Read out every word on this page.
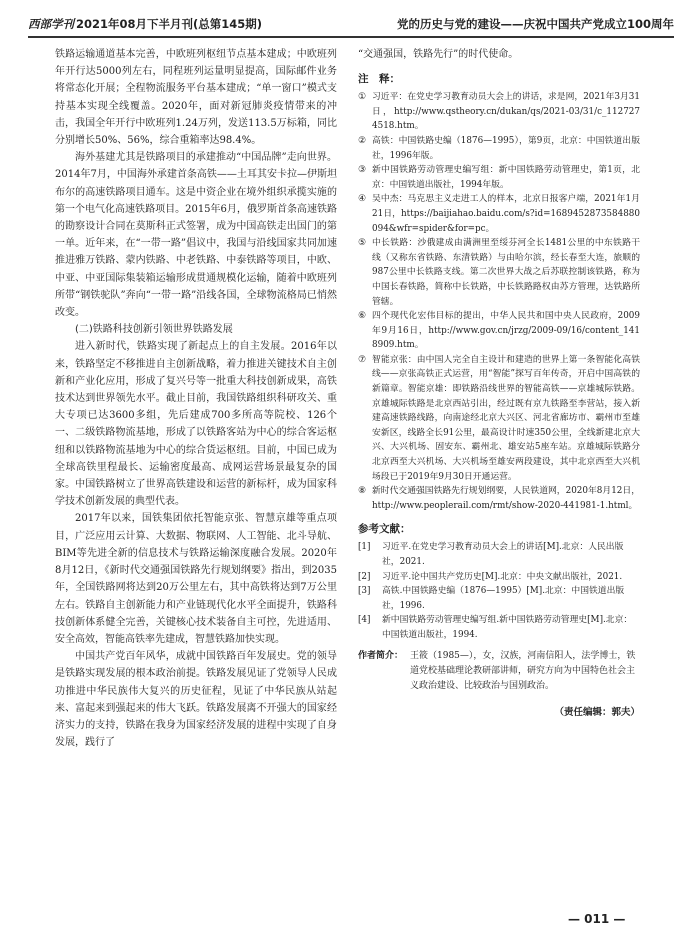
西部学刊 2021年08月下半月刊(总第145期)	党的历史与党的建设——庆祝中国共产党成立100周年

铁路运输通道基本完善，中欧班列枢纽节点基本建成；中欧班列年开行达5000列左右，同程班列运量明显提高，国际邮件业务将常态化开展；全程物流服务平台基本建成；“单一窗口”模式支持基本实现全线覆盖。2020年，面对新冠肺炎疫情带来的冲击，我国全年开行中欧班列1.24万列，发送113.5万标箱，同比分别增长50%、56%，综合重箱率达98.4%。

海外基建尤其是铁路项目的承建推动“中国品牌”走向世界。2014年7月，中国海外承建首条高铁——土耳其安卡拉—伊斯坦布尔的高速铁路项目通车。这是中资企业在境外组织承揽实施的第一个电气化高速铁路项目。2015年6月，俄罗斯首条高速铁路的勘察设计合同在莫斯科正式签署，成为中国高铁走出国门的第一单。近年来，在“一带一路”倡议中，我国与沿线国家共同加速推进雅万铁路、蒙内铁路、中老铁路、中泰铁路等项目，中欧、中亚、中亚国际集装箱运输形成贯通规模化运输，随着中欧班列所带“钢铁驼队”奔向“一带一路”沿线各国，全球物流格局已悄然改变。

(二)铁路科技创新引领世界铁路发展

进入新时代，铁路实现了新起点上的自主发展。2016年以来，铁路坚定不移推进自主创新战略，着力推进关键技术自主创新和产业化应用，形成了复兴号等一批重大科技创新成果，高铁技术达到世界领先水平。截止目前，我国铁路组织科研攻关、重大专项已达3600多组，先后建成700多所高等院校、126个一、二级铁路物流基地，形成了以铁路客站为中心的综合客运枢纽和以铁路物流基地为中心的综合货运枢纽。目前，中国已成为全球高铁里程最长、运输密度最高、成网运营场景最复杂的国家。中国铁路树立了世界高铁建设和运营的新标杆，成为国家科学技术创新发展的典型代表。

2017年以来，国铁集团依托智能京张、智慧京雄等重点项目，广泛应用云计算、大数据、物联网、人工智能、北斗导航、BIM等先进全新的信息技术与铁路运输深度融合发展。2020年8月12日，《新时代交通强国铁路先行规划纲要》指出，到2035年，全国铁路网将达到20万公里左右，其中高铁将达到7万公里左右。铁路自主创新能力和产业链现代化水平全面提升，铁路科技创新体系健全完善，关键核心技术装备自主可控，先进适用、安全高效，智能高铁率先建成，智慧铁路加快实现。

中国共产党百年风华，成就中国铁路百年发展史。党的领导是铁路实现发展的根本政治前提。铁路发展见证了党领导人民成功推进中华民族伟大复兴的历史征程，见证了中华民族从站起来、富起来到强起来的伟大飞跃。铁路发展离不开强大的国家经济实力的支持，铁路在我身为国家经济发展的进程中实现了自身发展，践行了

“交通强国，铁路先行”的时代使命。

注　释：
① 习近平：在党史学习教育动员大会上的讲话，求是网，2021年3月31日，http://www.qstheory.cn/dukan/qs/2021-03/31/c_1127274518.htm。
② 高铁：中国铁路史编（1876—1995），第9页，北京：中国铁道出版社，1996年版。
③ 新中国铁路劳动管理史编写组：新中国铁路劳动管理史，第1页，北京：中国铁道出版社，1994年版。
④ 吴中杰：马克思主义走进工人的样本，北京日报客户端，2021年1月21日，https://baijiahao.baidu.com/s?id=1689452873584880094&wfr=spider&for=pc。
⑤ 中长铁路：沙俄建成由满洲里至绥芬河全长1481公里的中东铁路干线（又称东省铁路、东清铁路）与由哈尔滨，经长春至大连，旅顺的987公里中长铁路支线。第二次世界大战之后苏联控制该铁路，称为中国长春铁路，简称中长铁路，中长铁路路权由苏方管理，达铁路所管辖。
⑥ 四个现代化宏伟目标的提出，中华人民共和国中央人民政府，2009年9月16日，http://www.gov.cn/jrzg/2009-09/16/content_1418909.htm。
⑦ 智能京张：由中国人完全自主设计和建造的世界上第一条智能化高铁线——京张高铁正式运营，用“智能”探写百年传奇，开启中国高铁的新篇章。智能京雄：即铁路沿线世界的智能高铁——京雄城际铁路。京雄城际铁路是北京西站引出，经过既有京九铁路至李营站，接入新建高速铁路线路，向南途经北京大兴区、河北省廊坊市、霸州市至雄安新区，线路全长91公里，最高设计时速350公里，全线新建北京大兴、大兴机场、固安东、霸州北、雄安站5座车站。京雄城际铁路分北京西至大兴机场、大兴机场至雄安两段建设，其中北京西至大兴机场段已于2019年9月30日开通运营。
⑧ 新时代交通强国铁路先行规划纲要，人民铁道网，2020年8月12日，http://www.peoplerail.com/rmt/show-2020-441981-1.html。
参考文献：
[1]	习近平.在党史学习教育动员大会上的讲话[M].北京：人民出版社，2021.
[2]	习近平.论中国共产党历史[M].北京：中央文献出版社，2021.
[3]	高铁.中国铁路史编（1876—1995）[M].北京：中国铁道出版社，1996.
[4]	新中国铁路劳动管理史编写组.新中国铁路劳动管理史[M].北京：中国铁道出版社，1994.
作者简介： 王筱（1985—），女，汉族，河南信阳人，法学博士，铁道党校基础理论教研部讲师，研究方向为中国特色社会主义政治建设、比较政治与国别政治。
（责任编辑：郭夫）
— 011 —
